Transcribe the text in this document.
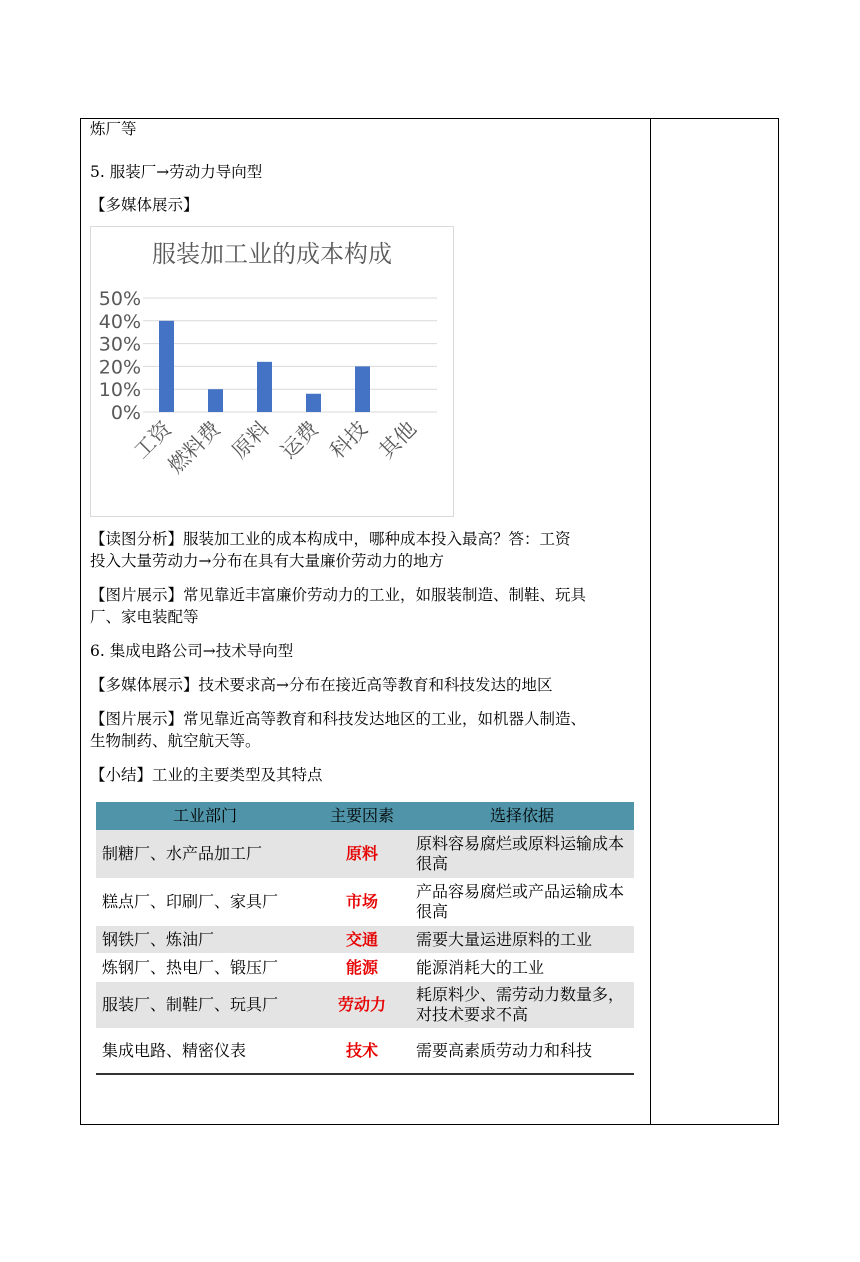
炼厂等

5. 服装厂→劳动力导向型

【多媒体展示】

服装加工业的成本构成
0%
10%
20%
30%
40%
50%
工资
燃料费 原料 运费 科技 其他

【读图分析】服装加工业的成本构成中，哪种成本投入最高？答：工资

投入大量劳动力→分布在具有大量廉价劳动力的地方

【图片展示】常见靠近丰富廉价劳动力的工业，如服装制造、制鞋、玩具

厂、家电装配等

6. 集成电路公司→技术导向型

【多媒体展示】技术要求高→分布在接近高等教育和科技发达的地区

【图片展示】常见靠近高等教育和科技发达地区的工业，如机器人制造、

生物制药、航空航天等。

【小结】工业的主要类型及其特点

工业部门	主要因素	选择依据
制糖厂、水产品加工厂	原料	原料容易腐烂或原料运输成本很高
糕点厂、印刷厂、家具厂	市场	产品容易腐烂或产品运输成本很高
钢铁厂、炼油厂	交通	需要大量运进原料的工业
炼钢厂、热电厂、锻压厂	能源	能源消耗大的工业
服装厂、制鞋厂、玩具厂	劳动力	耗原料少、需劳动力数量多，对技术要求不高
集成电路、精密仪表	技术	需要高素质劳动力和科技
